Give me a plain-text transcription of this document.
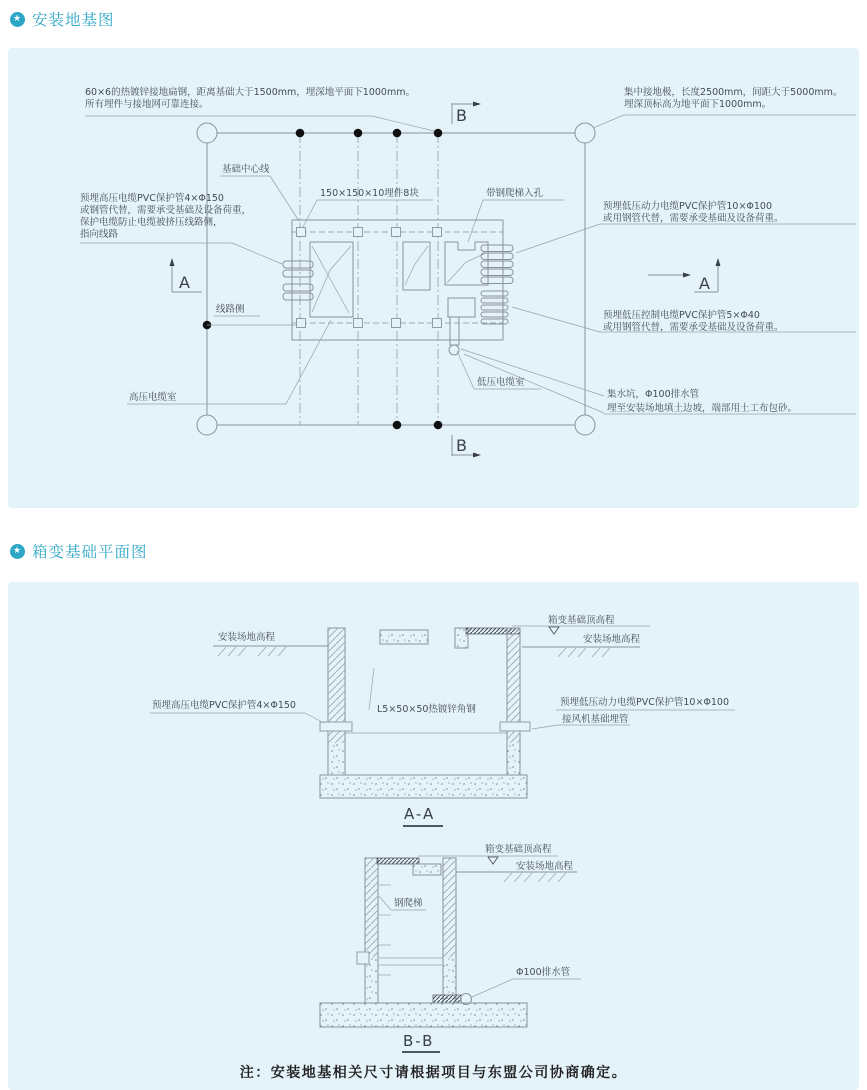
★ 安装地基图
A	A
B
B
60×6的热镀锌接地扁钢，距离基础大于1500mm，埋深地平面下1000mm。
所有埋件与接地网可靠连接。
集中接地极，长度2500mm，间距大于5000mm。
埋深顶标高为地平面下1000mm。
基础中心线
150×150×10埋件8块	带钢爬梯入孔
预埋高压电缆PVC保护管4×Φ150
或钢管代替，需要承受基础及设备荷重，
保护电缆防止电缆被挤压线路侧，
指向线路
线路侧
高压电缆室
低压电缆室
预埋低压动力电缆PVC保护管10×Φ100
或用钢管代替，需要承受基础及设备荷重。
预埋低压控制电缆PVC保护管5×Φ40
或用钢管代替，需要承受基础及设备荷重。
集水坑，Φ100排水管
埋至安装场地填土边坡，端部用土工布包砂。
★ 箱变基础平面图
安装场地高程
箱变基础顶高程
安装场地高程
预埋高压电缆PVC保护管4×Φ150	L5×50×50热镀锌角钢
预埋低压动力电缆PVC保护管10×Φ100
接风机基础埋管
A-A
箱变基础顶高程
安装场地高程
钢爬梯
Φ100排水管
B-B
注：安装地基相关尺寸请根据项目与东盟公司协商确定。
